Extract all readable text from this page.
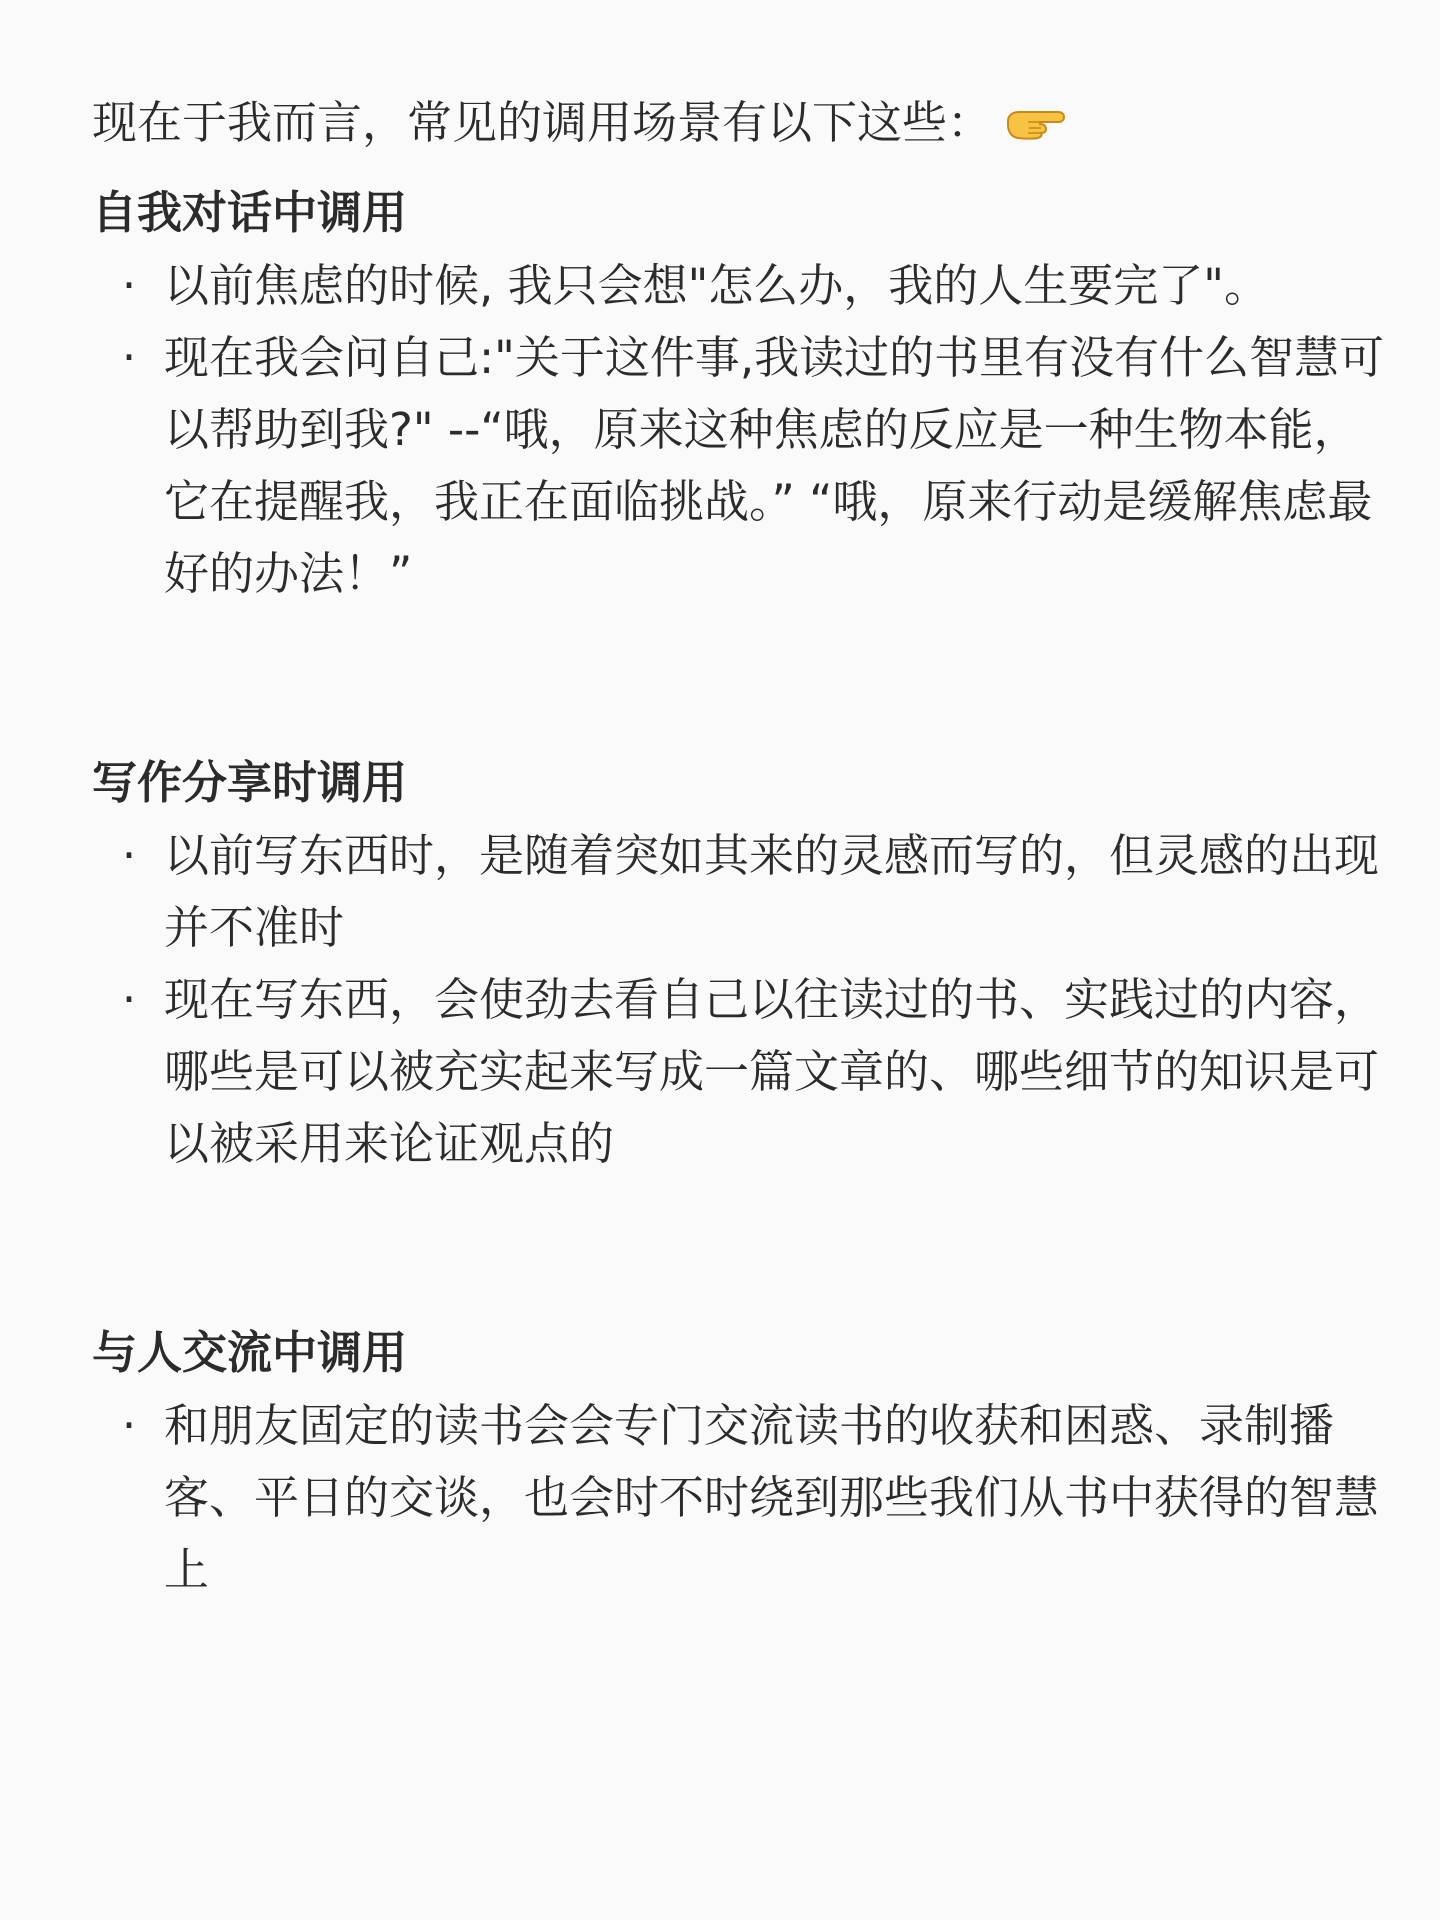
现在于我而言，常见的调用场景有以下这些：
自我对话中调用
· 以前焦虑的时候, 我只会想"怎么办，我的人生要完了"。
· 现在我会问自己:"关于这件事,我读过的书里有没有什么智慧可以帮助到我?" --“哦，原来这种焦虑的反应是一种生物本能，它在提醒我，我正在面临挑战。” “哦，原来行动是缓解焦虑最好的办法！”
写作分享时调用
· 以前写东西时，是随着突如其来的灵感而写的，但灵感的出现并不准时
· 现在写东西，会使劲去看自己以往读过的书、实践过的内容，哪些是可以被充实起来写成一篇文章的、哪些细节的知识是可以被采用来论证观点的
与人交流中调用
· 和朋友固定的读书会会专门交流读书的收获和困惑、录制播客、平日的交谈，也会时不时绕到那些我们从书中获得的智慧上
